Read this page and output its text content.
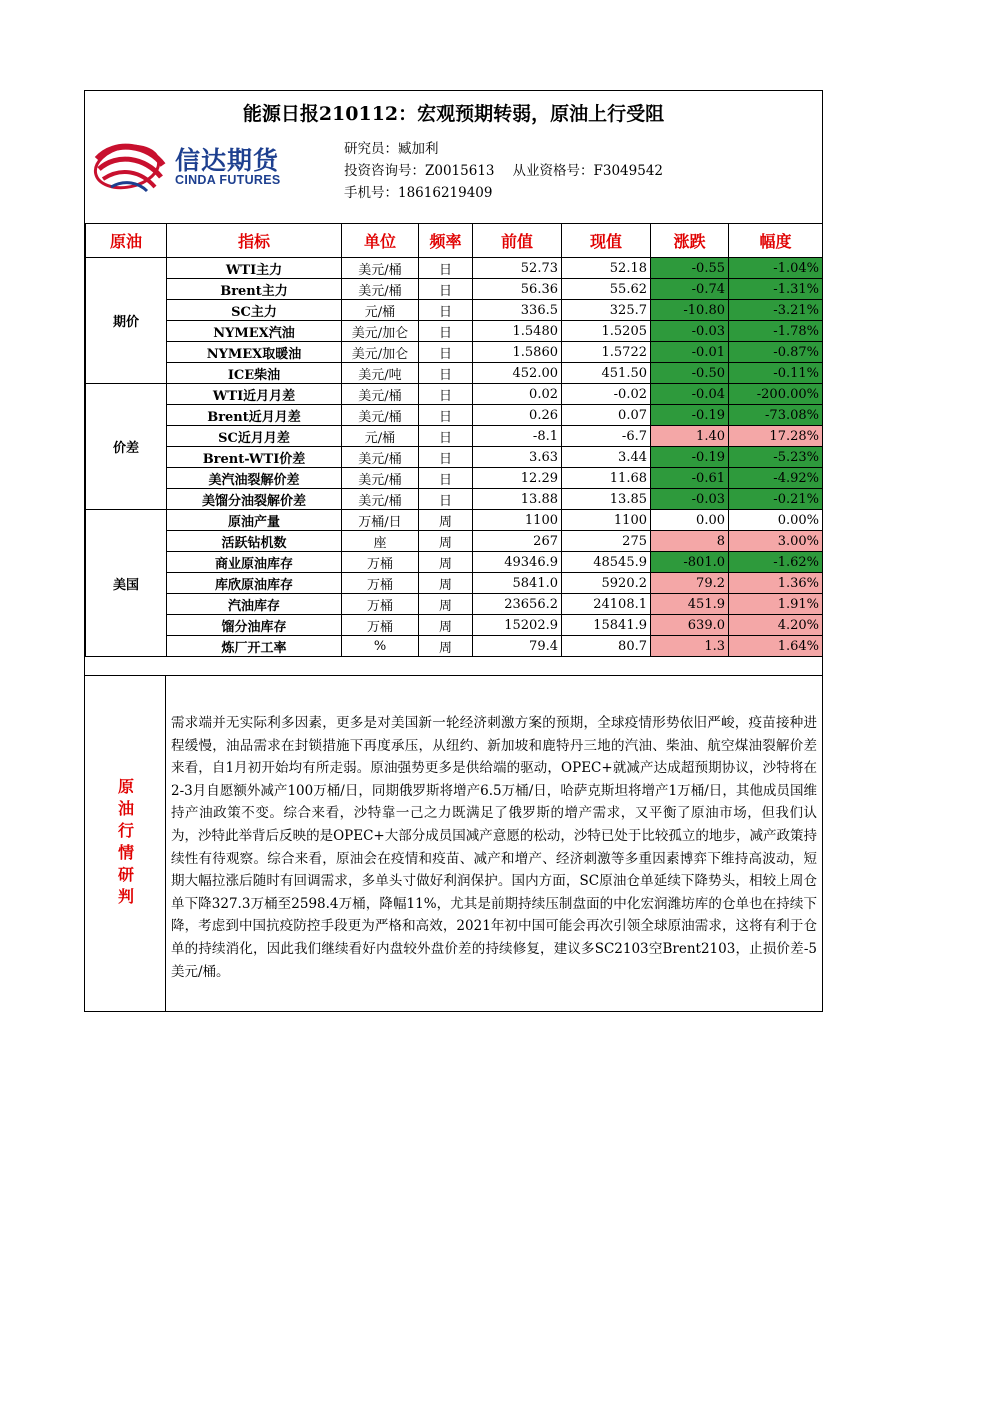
能源日报210112：宏观预期转弱，原油上行受阻
信达期货
CINDA FUTURES
研究员：臧加利
投资咨询号：Z0015613 从业资格号：F3049542
手机号：18616219409
原油	指标	单位	频率	前值	现值	涨跌	幅度
期价	WTI主力	美元/桶	日	52.73	52.18	-0.55	-1.04%
	Brent主力	美元/桶	日	56.36	55.62	-0.74	-1.31%
	SC主力	元/桶	日	336.5	325.7	-10.80	-3.21%
	NYMEX汽油	美元/加仑	日	1.5480	1.5205	-0.03	-1.78%
	NYMEX取暖油	美元/加仑	日	1.5860	1.5722	-0.01	-0.87%
	ICE柴油	美元/吨	日	452.00	451.50	-0.50	-0.11%
价差	WTI近月月差	美元/桶	日	0.02	-0.02	-0.04	-200.00%
	Brent近月月差	美元/桶	日	0.26	0.07	-0.19	-73.08%
	SC近月月差	元/桶	日	-8.1	-6.7	1.40	17.28%
	Brent-WTI价差	美元/桶	日	3.63	3.44	-0.19	-5.23%
	美汽油裂解价差	美元/桶	日	12.29	11.68	-0.61	-4.92%
	美馏分油裂解价差	美元/桶	日	13.88	13.85	-0.03	-0.21%
美国	原油产量	万桶/日	周	1100	1100	0.00	0.00%
	活跃钻机数	座	周	267	275	8	3.00%
	商业原油库存	万桶	周	49346.9	48545.9	-801.0	-1.62%
	库欣原油库存	万桶	周	5841.0	5920.2	79.2	1.36%
	汽油库存	万桶	周	23656.2	24108.1	451.9	1.91%
	馏分油库存	万桶	周	15202.9	15841.9	639.0	4.20%
	炼厂开工率	%	周	79.4	80.7	1.3	1.64%
原油行情研判
需求端并无实际利多因素，更多是对美国新一轮经济刺激方案的预期，全球疫情形势依旧严峻，疫苗接种进程缓慢，油品需求在封锁措施下再度承压，从纽约、新加坡和鹿特丹三地的汽油、柴油、航空煤油裂解价差来看，自1月初开始均有所走弱。原油强势更多是供给端的驱动，OPEC+就减产达成超预期协议，沙特将在2-3月自愿额外减产100万桶/日，同期俄罗斯将增产6.5万桶/日，哈萨克斯坦将增产1万桶/日，其他成员国维持产油政策不变。综合来看，沙特靠一己之力既满足了俄罗斯的增产需求，又平衡了原油市场，但我们认为，沙特此举背后反映的是OPEC+大部分成员国减产意愿的松动，沙特已处于比较孤立的地步，减产政策持续性有待观察。综合来看，原油会在疫情和疫苗、减产和增产、经济刺激等多重因素博弈下维持高波动，短期大幅拉涨后随时有回调需求，多单头寸做好利润保护。国内方面，SC原油仓单延续下降势头，相较上周仓单下降327.3万桶至2598.4万桶，降幅11%，尤其是前期持续压制盘面的中化宏润潍坊库的仓单也在持续下降，考虑到中国抗疫防控手段更为严格和高效，2021年初中国可能会再次引领全球原油需求，这将有利于仓单的持续消化，因此我们继续看好内盘较外盘价差的持续修复，建议多SC2103空Brent2103，止损价差-5美元/桶。
